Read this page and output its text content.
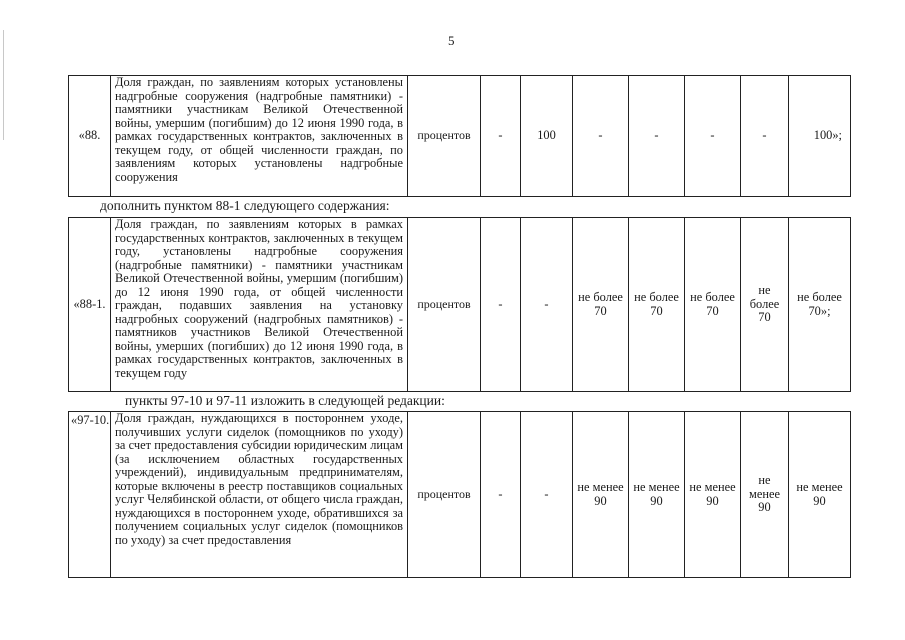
5
«88.	Доля граждан, по заявлениям которых установлены надгробные сооружения (надгробные памятники) - памятники участникам Великой Отечественной войны, умершим (погибшим) до 12 июня 1990 года, в рамках государственных контрактов, заключенных в текущем году, от общей численности граждан, по заявлениям которых установлены надгробные сооружения	процентов	-	100	-	-	-	-	100»;
дополнить пунктом 88-1 следующего содержания:
«88-1.	Доля граждан, по заявлениям которых в рамках государственных контрактов, заключенных в текущем году, установлены надгробные сооружения (надгробные памятники) - памятники участникам Великой Отечественной войны, умершим (погибшим) до 12 июня 1990 года, от общей численности граждан, подавших заявления на установку надгробных сооружений (надгробных памятников) - памятников участников Великой Отечественной войны, умерших (погибших) до 12 июня 1990 года, в рамках государственных контрактов, заключенных в текущем году	процентов	-	-	не более 70	не более 70	не более 70	не более 70	не более 70»;
пункты 97-10 и 97-11 изложить в следующей редакции:
«97-10.	Доля граждан, нуждающихся в постороннем уходе, получивших услуги сиделок (помощников по уходу) за счет предоставления субсидии юридическим лицам (за исключением областных государственных учреждений), индивидуальным предпринимателям, которые включены в реестр поставщиков социальных услуг Челябинской области, от общего числа граждан, нуждающихся в постороннем уходе, обратившихся за получением социальных услуг сиделок (помощников по уходу) за счет предоставления	процентов	-	-	не менее 90	не менее 90	не менее 90	не менее 90	не менее 90
